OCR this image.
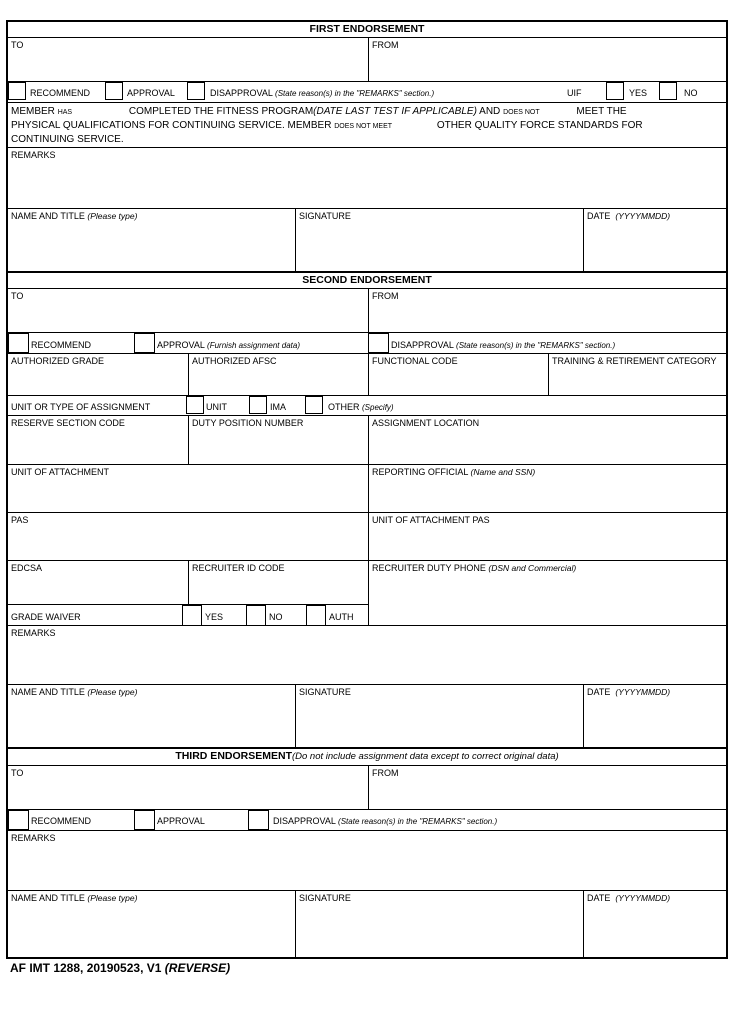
FIRST ENDORSEMENT
TO	FROM
RECOMMEND	APPROVAL	DISAPPROVAL (State reason(s) in the "REMARKS" section.)	UIF	YES	NO
MEMBER HAS	COMPLETED THE FITNESS PROGRAM(DATE LAST TEST IF APPLICABLE) AND DOES NOT	MEET THE
PHYSICAL QUALIFICATIONS FOR CONTINUING SERVICE. MEMBER DOES NOT MEET	OTHER QUALITY FORCE STANDARDS FOR
CONTINUING SERVICE.
REMARKS
NAME AND TITLE (Please type)	SIGNATURE	DATE (YYYYMMDD)
SECOND ENDORSEMENT
TO	FROM
RECOMMEND	APPROVAL (Furnish assignment data)	DISAPPROVAL (State reason(s) in the "REMARKS" section.)
AUTHORIZED GRADE	AUTHORIZED AFSC	FUNCTIONAL CODE	TRAINING & RETIREMENT CATEGORY
UNIT OR TYPE OF ASSIGNMENT	UNIT	IMA	OTHER (Specify)
RESERVE SECTION CODE	DUTY POSITION NUMBER	ASSIGNMENT LOCATION
UNIT OF ATTACHMENT	REPORTING OFFICIAL (Name and SSN)
PAS	UNIT OF ATTACHMENT PAS
EDCSA	RECRUITER ID CODE	RECRUITER DUTY PHONE (DSN and Commercial)
GRADE WAIVER	YES	NO	AUTH
REMARKS
NAME AND TITLE (Please type)	SIGNATURE	DATE (YYYYMMDD)
THIRD ENDORSEMENT(Do not include assignment data except to correct original data)
TO	FROM
RECOMMEND	APPROVAL	DISAPPROVAL (State reason(s) in the "REMARKS" section.)
REMARKS
NAME AND TITLE (Please type)	SIGNATURE	DATE (YYYYMMDD)
AF IMT 1288, 20190523, V1 (REVERSE)
